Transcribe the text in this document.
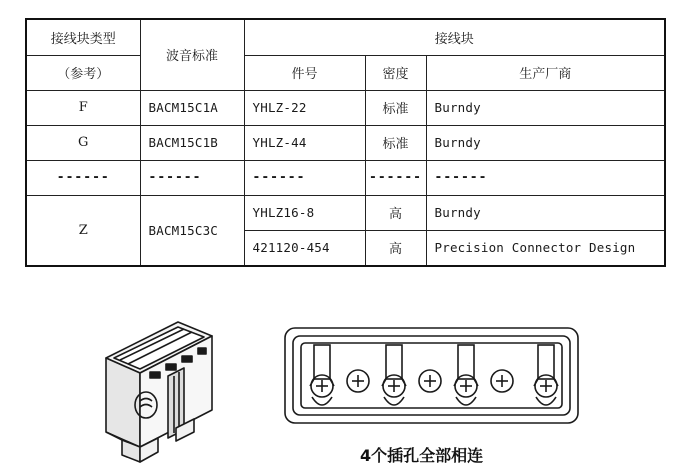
接线块类型	波音标准	接线块		
（参考）		件号	密度	生产厂商
F	BACM15C1A	YHLZ-22	标准	Burndy
G	BACM15C1B	YHLZ-44	标准	Burndy
------	------	------	------	------
Z	BACM15C3C	YHLZ16-8	高	Burndy
		421120-454	高	Precision Connector Design
4个插孔全部相连
